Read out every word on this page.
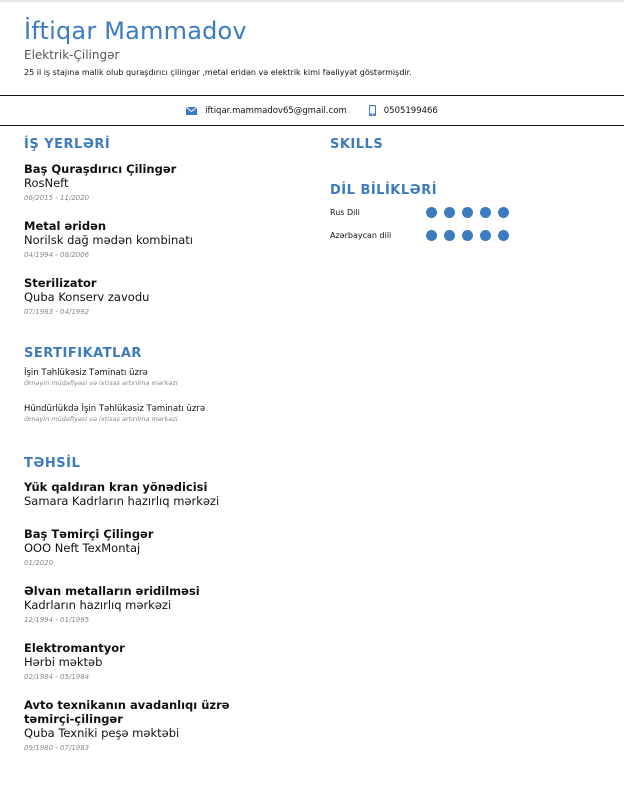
İftiqar Mammadov
Elektrik-Çilingər
25 il iş stajına malik olub quraşdırıcı çilingər ,metal eridən və elektrik kimi fəaliyyət göstərmişdir.
iftiqar.mammadov65@gmail.com	0505199466
İŞ YERLƏRİ
Baş Quraşdırıcı Çilingər
RosNeft
06/2015 - 11/2020
Metal əridən
Norilsk dağ mədən kombinatı
04/1994 - 08/2006
Sterilizator
Quba Konserv zavodu
07/1983 - 04/1992
SERTIFIKATLAR
İşin Təhlükəsiz Təminatı üzrə
Əməyin müdafiyəsi və ixtisas artırılma mərkəzi
Hündürlükdə İşin Təhlükəsiz Təminatı üzrə
Əməyin müdafiyəsi və ixtisas artırılma mərkəzi
TƏHSİL
Yük qaldıran kran yönədicisi
Samara Kadrların hazırlıq mərkəzi
Baş Təmirçi Çilingər
OOO Neft TexMontaj
01/2020
Əlvan metalların əridilməsi
Kadrların hazırlıq mərkəzi
12/1994 - 01/1995
Elektromantyor
Hərbi məktəb
02/1984 - 05/1984
Avto texnikanın avadanlıqı üzrə təmirçi-çilingər
Quba Texniki peşə məktəbi
09/1980 - 07/1983
SKILLS
DİL BİLİKLƏRİ
Rus Dili
Azərbaycan dili
